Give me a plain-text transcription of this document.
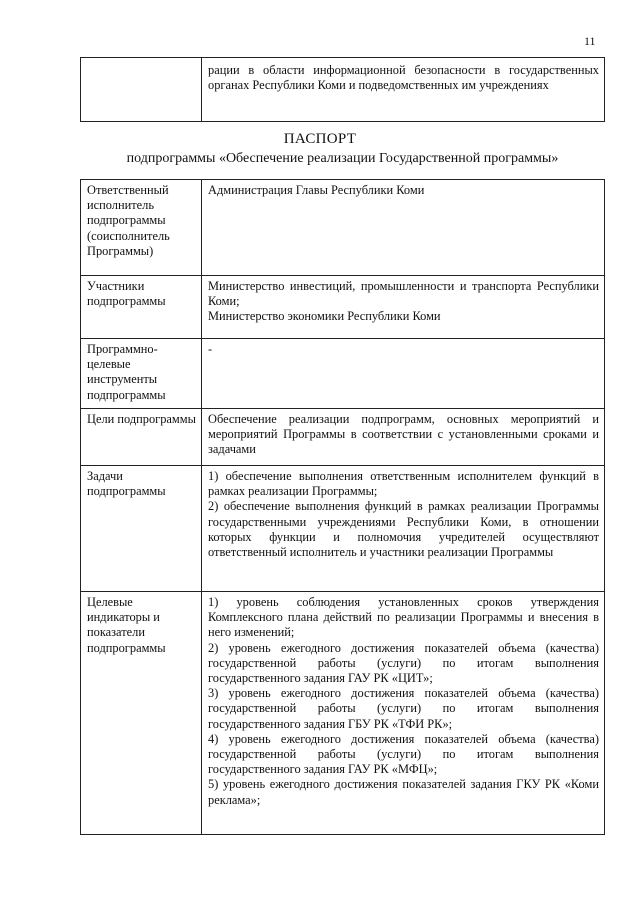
11
	рации в области информационной безопасности в государственных органах Республики Коми и подведомственных им учреждениях
ПАСПОРТ
подпрограммы «Обеспечение реализации Государственной программы»
Ответственный исполнитель подпрограммы (соисполнитель Программы)	Администрация Главы Республики Коми

Участники подпрограммы	Министерство инвестиций, промышленности и транспорта Республики Коми;

Министерство экономики Республики Коми

Программно-целевые инструменты подпрограммы	-

Цели подпрограммы	Обеспечение реализации подпрограмм, основных мероприятий и мероприятий Программы в соответствии с установленными сроками и задачами

Задачи подпрограммы	1) обеспечение выполнения ответственным исполнителем функций в рамках реализации Программы;

2) обеспечение выполнения функций в рамках реализации Программы государственными учреждениями Республики Коми, в отношении которых функции и полномочия учредителей осуществляют ответственный исполнитель и участники реализации Программы

Целевые индикаторы и показатели подпрограммы	1) уровень соблюдения установленных сроков утверждения Комплексного плана действий по реализации Программы и внесения в него изменений;

2) уровень ежегодного достижения показателей объема (качества) государственной работы (услуги) по итогам выполнения государственного задания ГАУ РК «ЦИТ»;

3) уровень ежегодного достижения показателей объема (качества) государственной работы (услуги) по итогам выполнения государственного задания ГБУ РК «ТФИ РК»;

4) уровень ежегодного достижения показателей объема (качества) государственной работы (услуги) по итогам выполнения государственного задания ГАУ РК «МФЦ»;

5) уровень ежегодного достижения показателей задания ГКУ РК «Коми реклама»;
